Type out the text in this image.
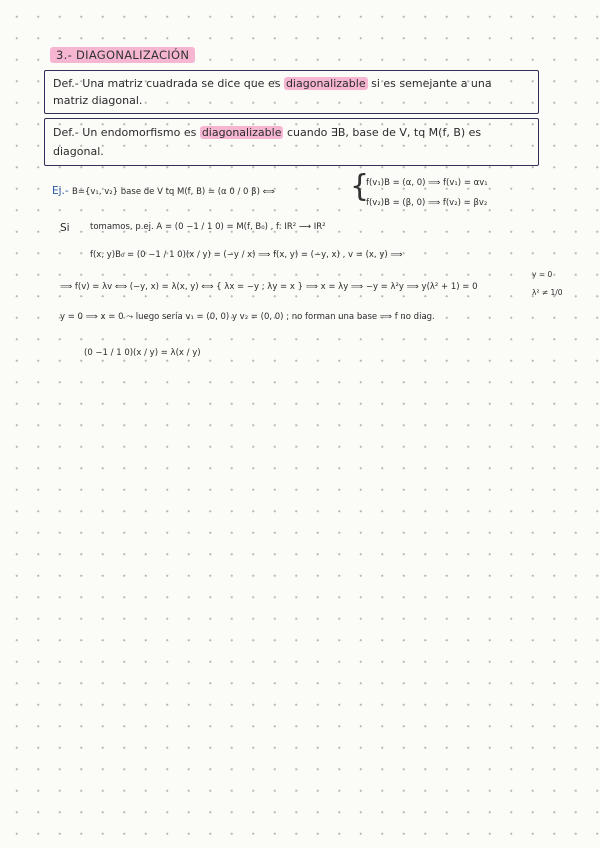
3.- DIAGONALIZACIÓN
Def.- Una matriz cuadrada se dice que es diagonalizable si es semejante a una
matriz diagonal.
Def.- Un endomorfismo es diagonalizable cuando ∃B, base de V, tq M(f, B) es
diagonal.
Ej.- B={v₁, v₂} base de V tq M(f, B) = (α 0 / 0 β) ⟺	{
f(v₁)B = (α, 0) ⟹ f(v₁) = αv₁
f(v₂)B = (β, 0) ⟹ f(v₂) = βv₂
Si tomamos, p.ej. A = (0 −1 / 1 0) = M(f, B₀) , f: IR² ⟶ IR²
f(x, y)B₀ = (0 −1 / 1 0)(x / y) = (−y / x) ⟹ f(x, y) = (−y, x) , v = (x, y) ⟹
⟹ f(v) = λv ⟺ (−y, x) = λ(x, y) ⟺ { λx = −y ; λy = x } ⟹ x = λy ⟹ −y = λ²y ⟹ y(λ² + 1) = 0
y = 0
λ² ≠ 1/0
y = 0 ⟹ x = 0 ⤳ luego sería v₁ = (0, 0) y v₂ = (0, 0) ; no forman una base ⟹ f no diag.
(0 −1 / 1 0)(x / y) = λ(x / y)
